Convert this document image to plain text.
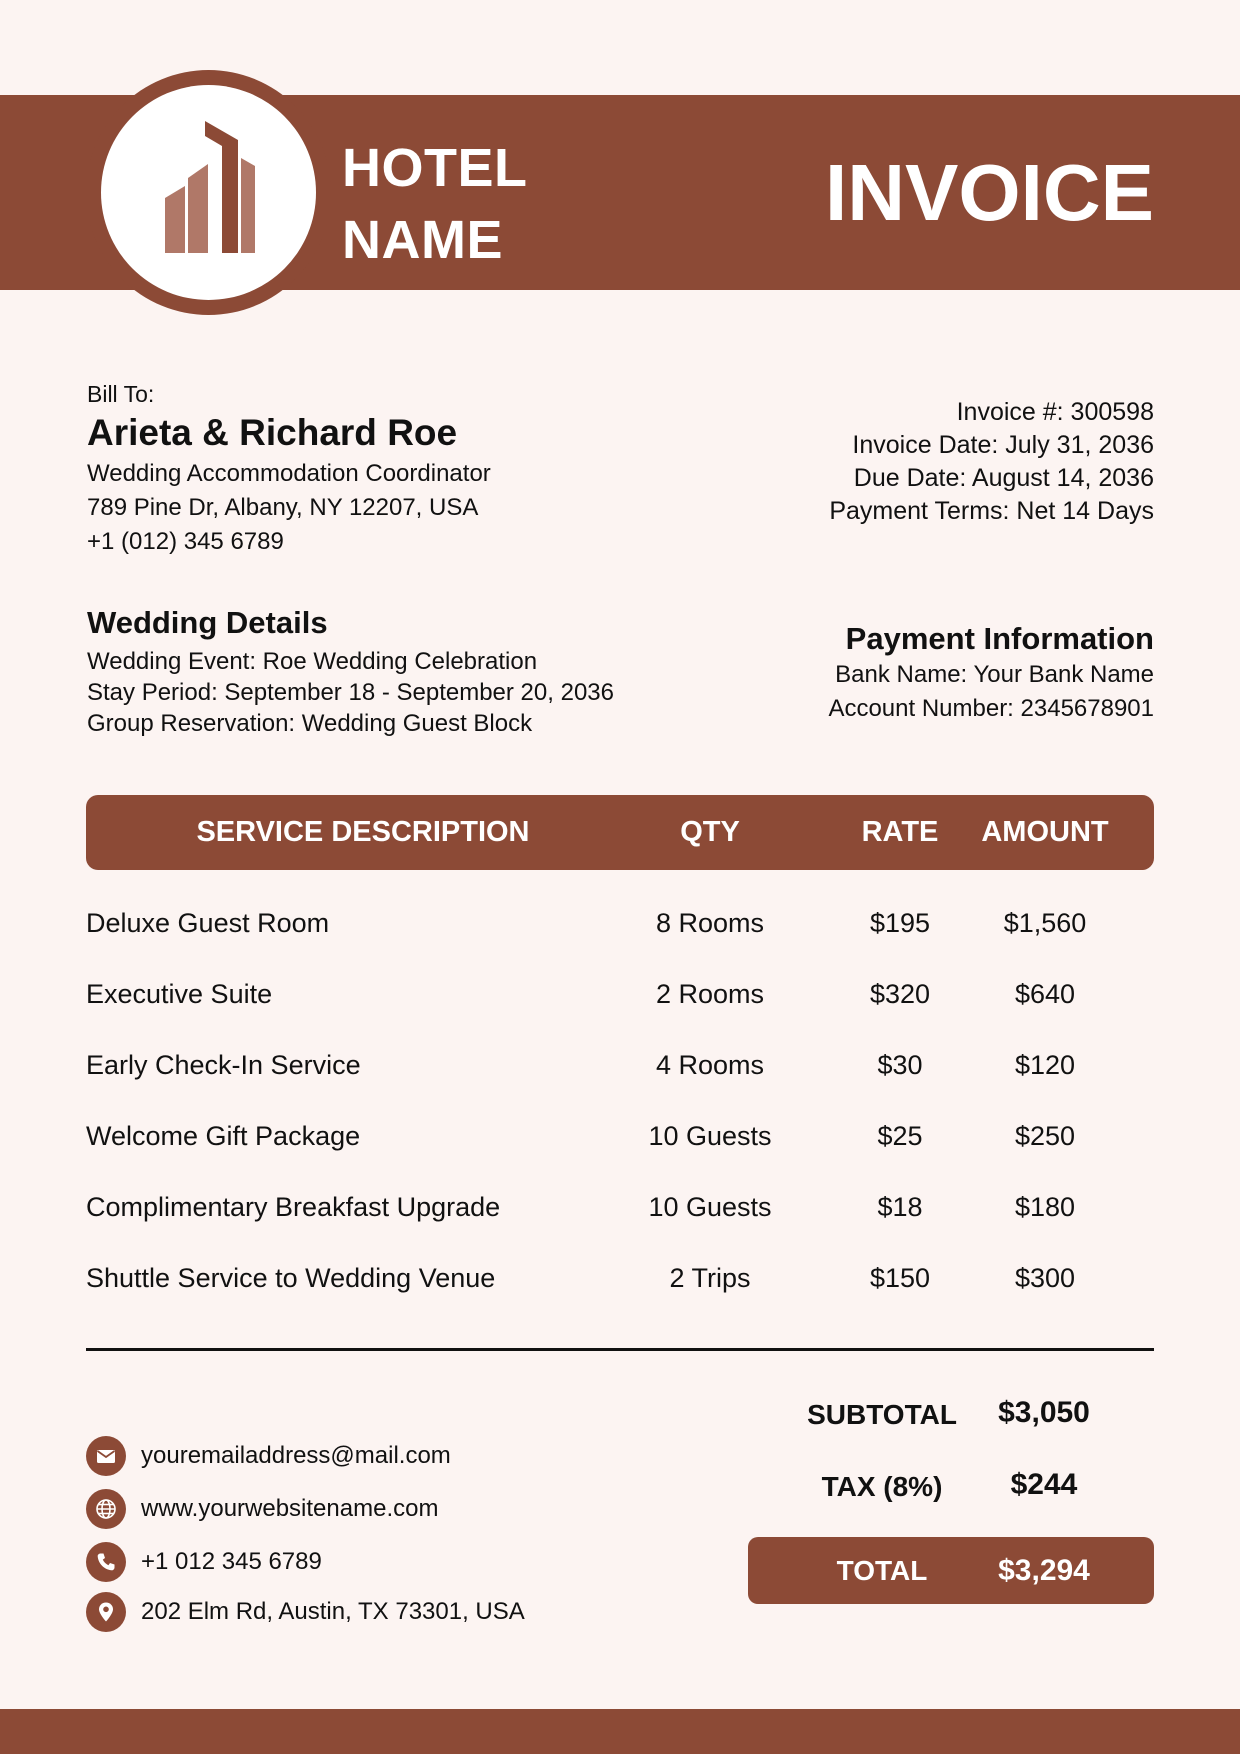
HOTEL
NAME
INVOICE
Bill To:
Arieta & Richard Roe
Wedding Accommodation Coordinator
789 Pine Dr, Albany, NY 12207, USA
+1 (012) 345 6789
Invoice #: 300598
Invoice Date: July 31, 2036
Due Date: August 14, 2036
Payment Terms: Net 14 Days
Wedding Details
Wedding Event: Roe Wedding Celebration
Stay Period: September 18 - September 20, 2036
Group Reservation: Wedding Guest Block
Payment Information
Bank Name: Your Bank Name
Account Number: 2345678901
SERVICE DESCRIPTION	QTY	RATE	AMOUNT
Deluxe Guest Room	8 Rooms	$195	$1,560
Executive Suite	2 Rooms	$320	$640
Early Check-In Service	4 Rooms	$30	$120
Welcome Gift Package	10 Guests	$25	$250
Complimentary Breakfast Upgrade	10 Guests	$18	$180
Shuttle Service to Wedding Venue	2 Trips	$150	$300
youremailaddress@mail.com
www.yourwebsitename.com
+1 012 345 6789
202 Elm Rd, Austin, TX 73301, USA
SUBTOTAL	$3,050
TAX (8%)	$244
TOTAL	$3,294
